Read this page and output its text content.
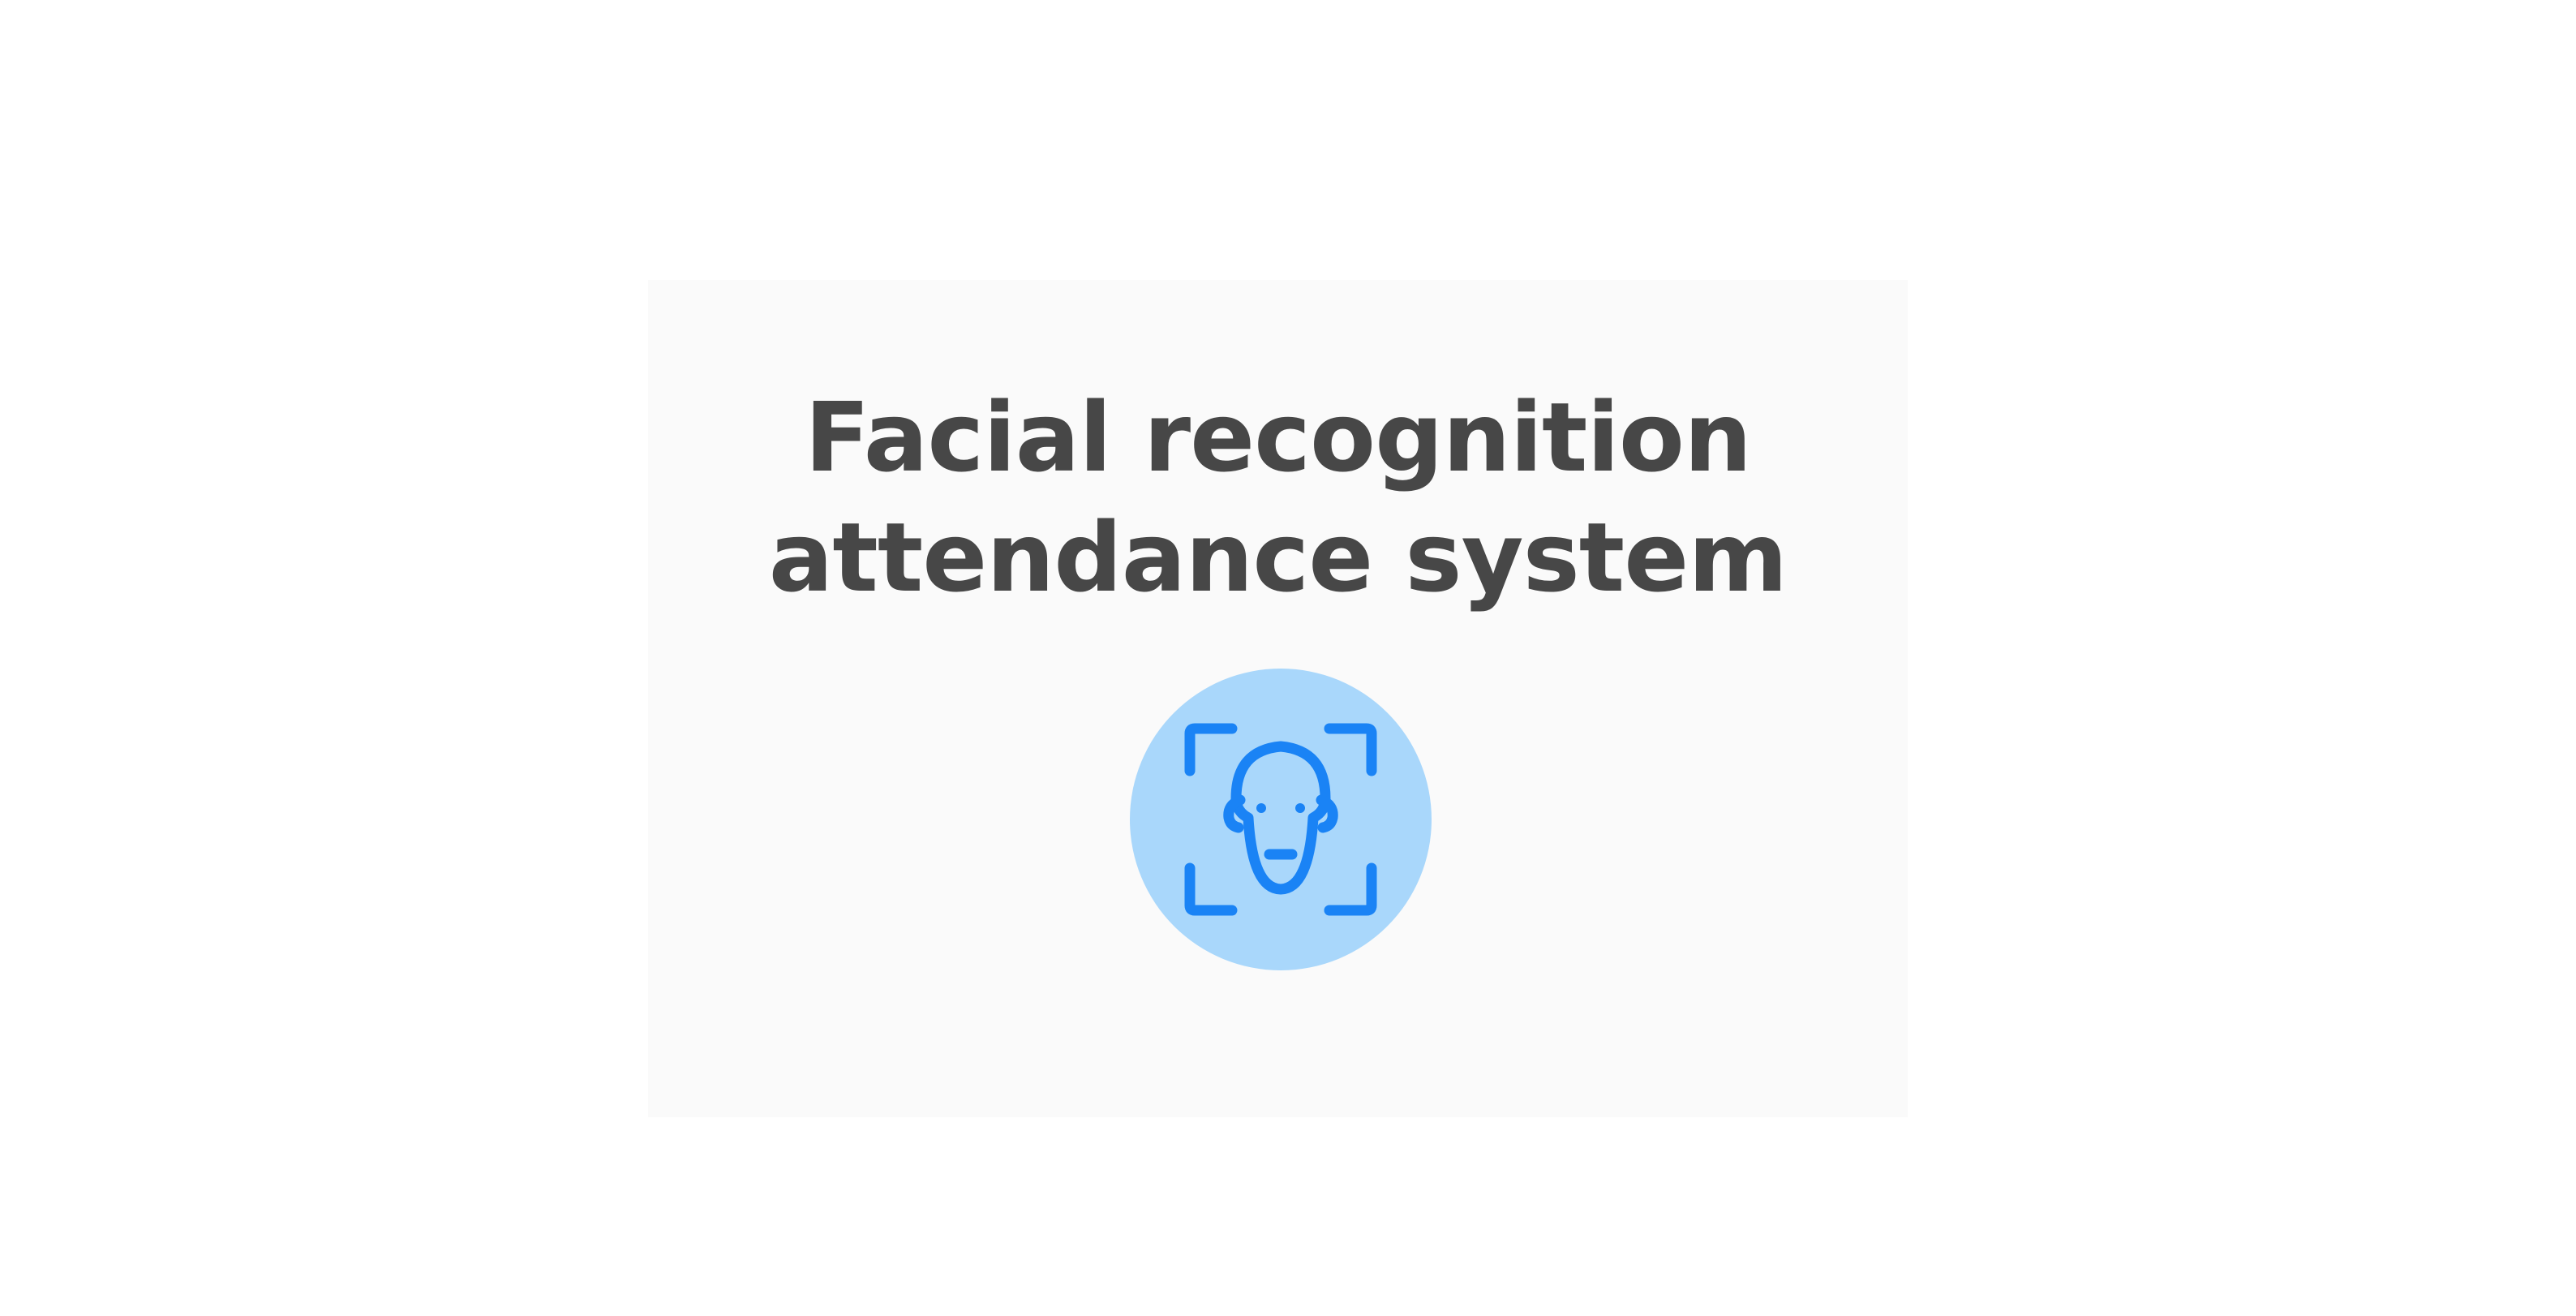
Facial recognition
attendance system
